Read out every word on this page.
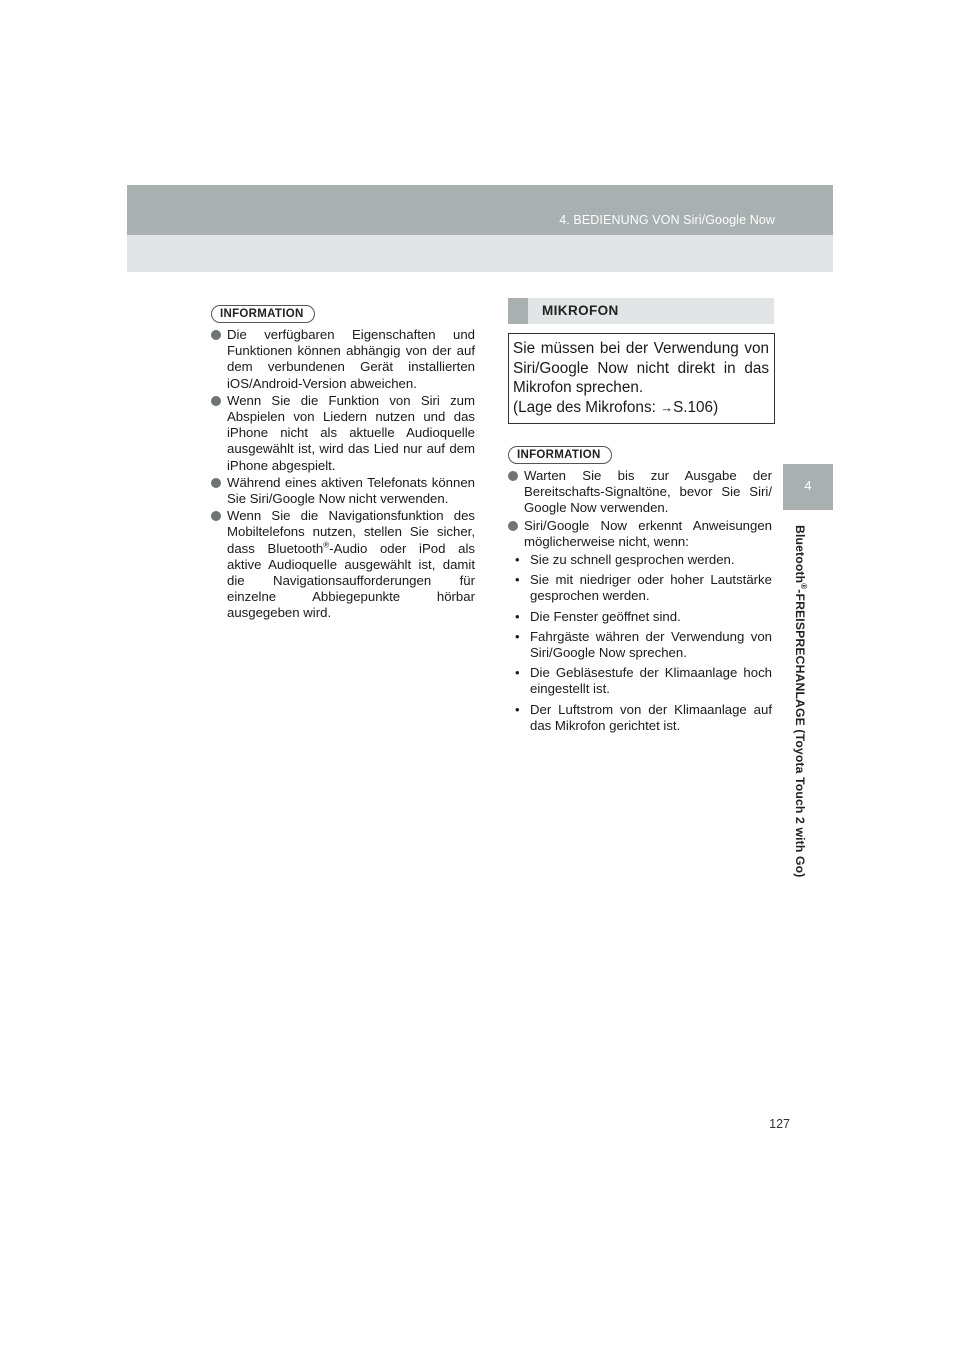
4. BEDIENUNG VON Siri/Google Now
4
Bluetooth®-FREISPRECHANLAGE (Toyota Touch 2 with Go)
INFORMATION
Die verfügbaren Eigenschaften und Funktionen können abhängig von der auf dem verbundenen Gerät installierten iOS/Android-Version abweichen.
Wenn Sie die Funktion von Siri zum Abspielen von Liedern nutzen und das iPhone nicht als aktuelle Audioquelle ausgewählt ist, wird das Lied nur auf dem iPhone abgespielt.
Während eines aktiven Telefonats können Sie Siri/Google Now nicht verwenden.
Wenn Sie die Navigationsfunktion des Mobiltelefons nutzen, stellen Sie sicher, dass Bluetooth®-Audio oder iPod als aktive Audioquelle ausgewählt ist, damit die Navigationsaufforderungen für einzelne Abbiegepunkte hörbar ausgegeben wird.
MIKROFON
Sie müssen bei der Verwendung von Siri/Google Now nicht direkt in das Mikrofon sprechen.
(Lage des Mikrofons: →S.106)
INFORMATION
Warten Sie bis zur Ausgabe der Bereitschafts-Signaltöne, bevor Sie Siri/ Google Now verwenden.
Siri/Google Now erkennt Anweisungen möglicherweise nicht, wenn:
• Sie zu schnell gesprochen werden.
• Sie mit niedriger oder hoher Lautstärke gesprochen werden.
• Die Fenster geöffnet sind.
• Fahrgäste währen der Verwendung von Siri/Google Now sprechen.
• Die Gebläsestufe der Klimaanlage hoch eingestellt ist.
• Der Luftstrom von der Klimaanlage auf das Mikrofon gerichtet ist.
127
